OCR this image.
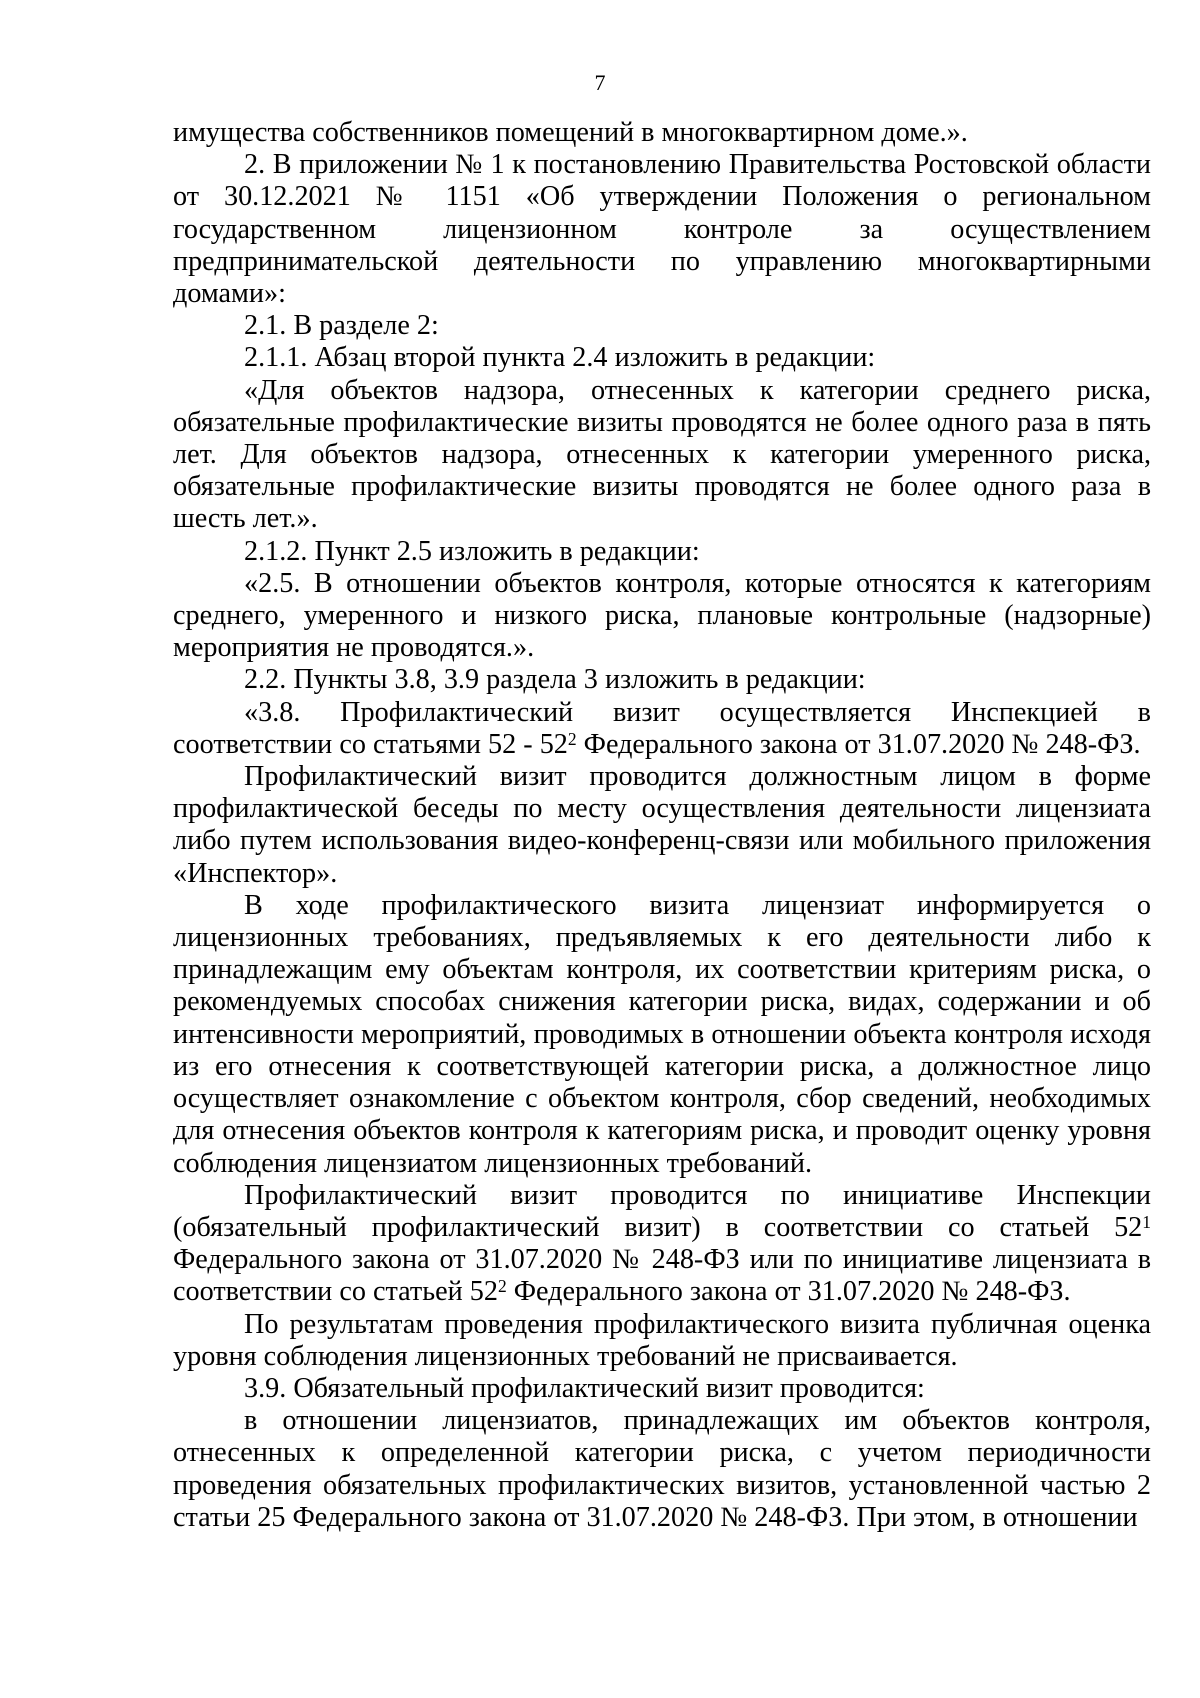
7

имущества собственников помещений в многоквартирном доме.».

2. В приложении № 1 к постановлению Правительства Ростовской области от 30.12.2021 № 1151 «Об утверждении Положения о региональном государственном лицензионном контроле за осуществлением предпринимательской деятельности по управлению многоквартирными домами»:

2.1. В разделе 2:

2.1.1. Абзац второй пункта 2.4 изложить в редакции:

«Для объектов надзора, отнесенных к категории среднего риска, обязательные профилактические визиты проводятся не более одного раза в пять лет. Для объектов надзора, отнесенных к категории умеренного риска, обязательные профилактические визиты проводятся не более одного раза в шесть лет.».

2.1.2. Пункт 2.5 изложить в редакции:

«2.5. В отношении объектов контроля, которые относятся к категориям среднего, умеренного и низкого риска, плановые контрольные (надзорные) мероприятия не проводятся.».

2.2. Пункты 3.8, 3.9 раздела 3 изложить в редакции:

«3.8. Профилактический визит осуществляется Инспекцией в соответствии со статьями $52 - 52^2$ Федерального закона от 31.07.2020 № 248-ФЗ.

Профилактический визит проводится должностным лицом в форме профилактической беседы по месту осуществления деятельности лицензиата либо путем использования видео-конференц-связи или мобильного приложения «Инспектор».

В ходе профилактического визита лицензиат информируется о лицензионных требованиях, предъявляемых к его деятельности либо к принадлежащим ему объектам контроля, их соответствии критериям риска, о рекомендуемых способах снижения категории риска, видах, содержании и об интенсивности мероприятий, проводимых в отношении объекта контроля исходя из его отнесения к соответствующей категории риска, а должностное лицо осуществляет ознакомление с объектом контроля, сбор сведений, необходимых для отнесения объектов контроля к категориям риска, и проводит оценку уровня соблюдения лицензиатом лицензионных требований.

Профилактический визит проводится по инициативе Инспекции (обязательный профилактический визит) в соответствии со статьей $52^1$ Федерального закона от 31.07.2020 № 248-ФЗ или по инициативе лицензиата в соответствии со статьей $52^2$ Федерального закона от 31.07.2020 № 248-ФЗ.

По результатам проведения профилактического визита публичная оценка уровня соблюдения лицензионных требований не присваивается.

3.9. Обязательный профилактический визит проводится:

в отношении лицензиатов, принадлежащих им объектов контроля, отнесенных к определенной категории риска, с учетом периодичности проведения обязательных профилактических визитов, установленной частью 2 статьи 25 Федерального закона от 31.07.2020 № 248-ФЗ. При этом, в отношении
